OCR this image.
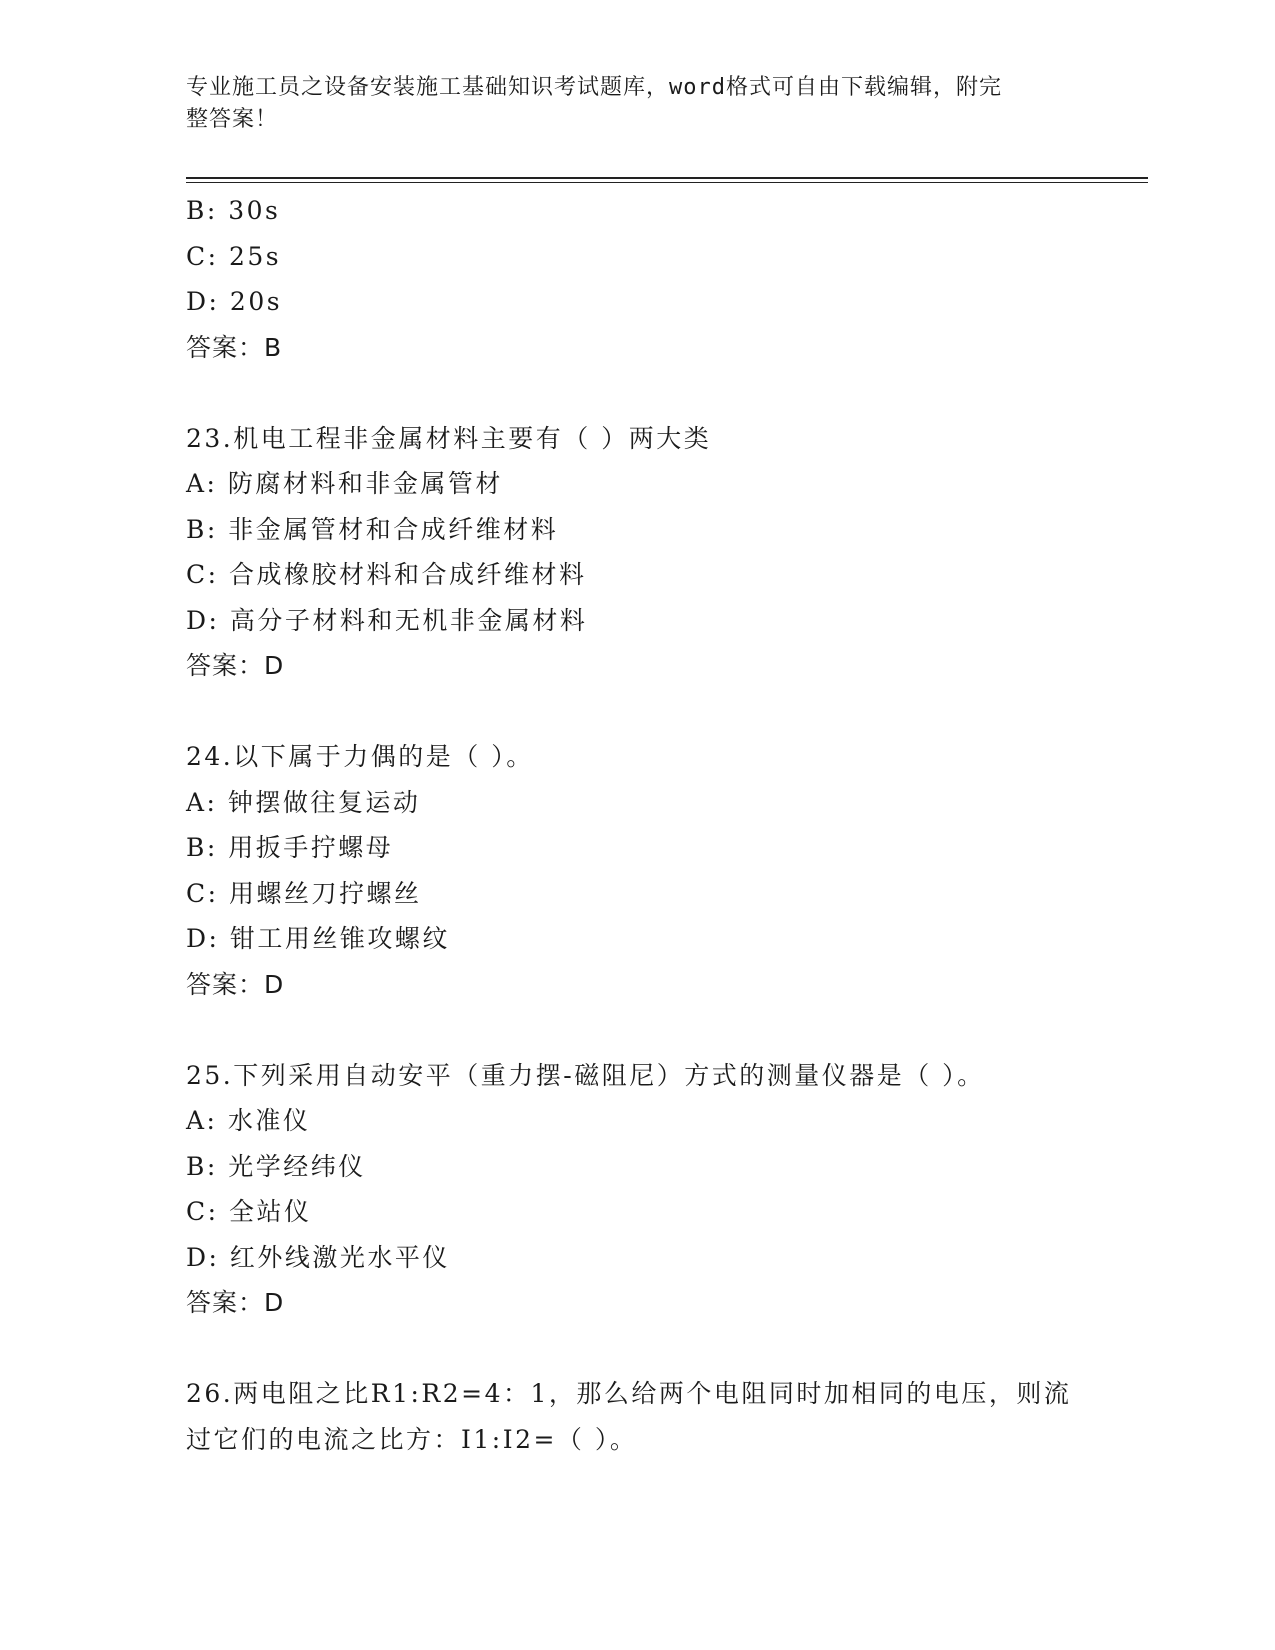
专业施工员之设备安装施工基础知识考试题库，word格式可自由下载编辑，附完
整答案！
B: 30s
C: 25s
D: 20s
答案：B
23.机电工程非金属材料主要有（ ）两大类
A: 防腐材料和非金属管材
B: 非金属管材和合成纤维材料
C: 合成橡胶材料和合成纤维材料
D: 高分子材料和无机非金属材料
答案：D
24.以下属于力偶的是（ ）。
A: 钟摆做往复运动
B: 用扳手拧螺母
C: 用螺丝刀拧螺丝
D: 钳工用丝锥攻螺纹
答案：D
25.下列采用自动安平（重力摆-磁阻尼）方式的测量仪器是（ ）。
A: 水准仪
B: 光学经纬仪
C: 全站仪
D: 红外线激光水平仪
答案：D
26.两电阻之比R1:R2=4：1，那么给两个电阻同时加相同的电压，则流
过它们的电流之比方：I1:I2=（ ）。
